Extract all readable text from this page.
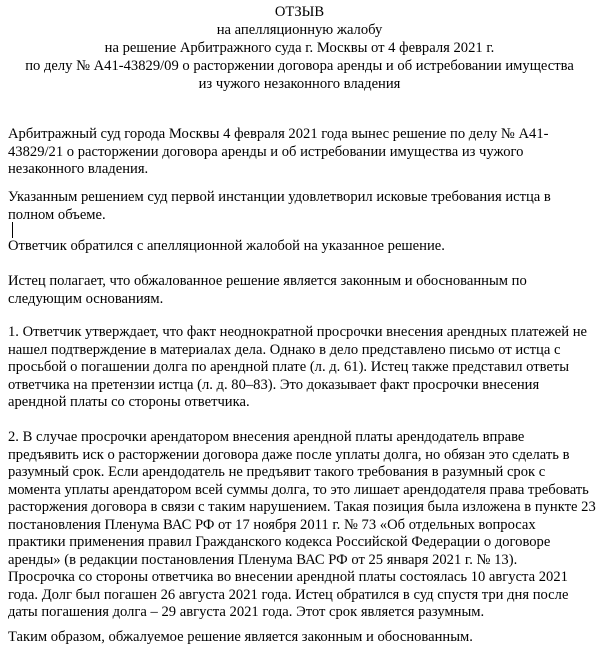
ОТЗЫВ
на апелляционную жалобу
на решение Арбитражного суда г. Москвы от 4 февраля 2021 г.
по делу № А41-43829/09 о расторжении договора аренды и об истребовании имущества
из чужого незаконного владения
Арбитражный суд города Москвы 4 февраля 2021 года вынес решение по делу № А41-
43829/21 о расторжении договора аренды и об истребовании имущества из чужого
незаконного владения.
Указанным решением суд первой инстанции удовлетворил исковые требования истца в
полном объеме.
Ответчик обратился с апелляционной жалобой на указанное решение.
Истец полагает, что обжалованное решение является законным и обоснованным по
следующим основаниям.
1. Ответчик утверждает, что факт неоднократной просрочки внесения арендных платежей не
нашел подтверждение в материалах дела. Однако в дело представлено письмо от истца с
просьбой о погашении долга по арендной плате (л. д. 61). Истец также представил ответы
ответчика на претензии истца (л. д. 80–83). Это доказывает факт просрочки внесения
арендной платы со стороны ответчика.
2. В случае просрочки арендатором внесения арендной платы арендодатель вправе
предъявить иск о расторжении договора даже после уплаты долга, но обязан это сделать в
разумный срок. Если арендодатель не предъявит такого требования в разумный срок с
момента уплаты арендатором всей суммы долга, то это лишает арендодателя права требовать
расторжения договора в связи с таким нарушением. Такая позиция была изложена в пункте 23
постановления Пленума ВАС РФ от 17 ноября 2011 г. № 73 «Об отдельных вопросах
практики применения правил Гражданского кодекса Российской Федерации о договоре
аренды» (в редакции постановления Пленума ВАС РФ от 25 января 2021 г. № 13).
Просрочка со стороны ответчика во внесении арендной платы состоялась 10 августа 2021
года. Долг был погашен 26 августа 2021 года. Истец обратился в суд спустя три дня после
даты погашения долга – 29 августа 2021 года. Этот срок является разумным.
Таким образом, обжалуемое решение является законным и обоснованным.
